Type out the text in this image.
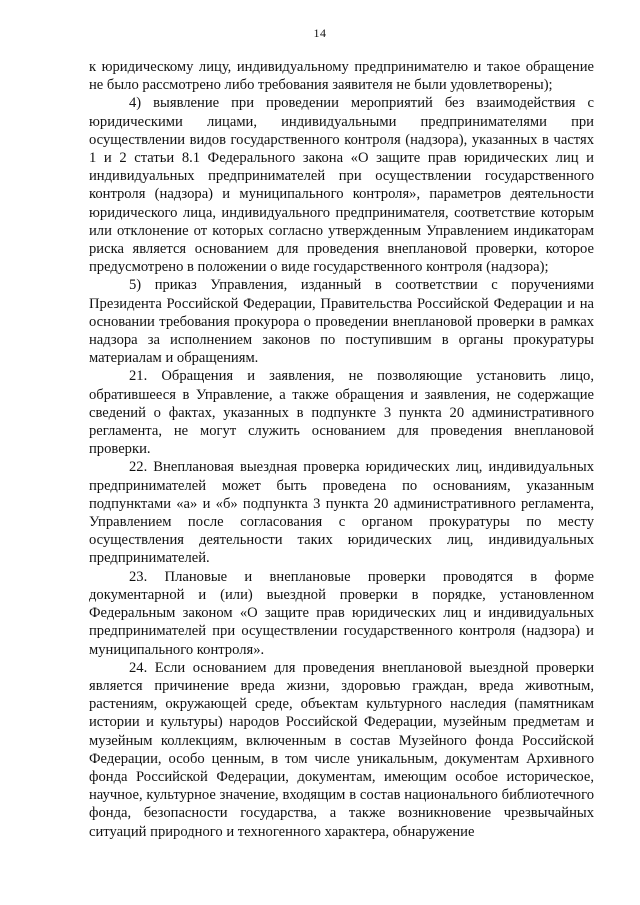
14

к юридическому лицу, индивидуальному предпринимателю и такое обращение не было рассмотрено либо требования заявителя не были удовлетворены);

4) выявление при проведении мероприятий без взаимодействия с юридическими лицами, индивидуальными предпринимателями при осуществлении видов государственного контроля (надзора), указанных в частях 1 и 2 статьи 8.1 Федерального закона «О защите прав юридических лиц и индивидуальных предпринимателей при осуществлении государственного контроля (надзора) и муниципального контроля», параметров деятельности юридического лица, индивидуального предпринимателя, соответствие которым или отклонение от которых согласно утвержденным Управлением индикаторам риска является основанием для проведения внеплановой проверки, которое предусмотрено в положении о виде государственного контроля (надзора);

5) приказ Управления, изданный в соответствии с поручениями Президента Российской Федерации, Правительства Российской Федерации и на основании требования прокурора о проведении внеплановой проверки в рамках надзора за исполнением законов по поступившим в органы прокуратуры материалам и обращениям.

21. Обращения и заявления, не позволяющие установить лицо, обратившееся в Управление, а также обращения и заявления, не содержащие сведений о фактах, указанных в подпункте 3 пункта 20 административного регламента, не могут служить основанием для проведения внеплановой проверки.

22. Внеплановая выездная проверка юридических лиц, индивидуальных предпринимателей может быть проведена по основаниям, указанным подпунктами «а» и «б» подпункта 3 пункта 20 административного регламента, Управлением после согласования с органом прокуратуры по месту осуществления деятельности таких юридических лиц, индивидуальных предпринимателей.

23. Плановые и внеплановые проверки проводятся в форме документарной и (или) выездной проверки в порядке, установленном Федеральным законом «О защите прав юридических лиц и индивидуальных предпринимателей при осуществлении государственного контроля (надзора) и муниципального контроля».

24. Если основанием для проведения внеплановой выездной проверки является причинение вреда жизни, здоровью граждан, вреда животным, растениям, окружающей среде, объектам культурного наследия (памятникам истории и культуры) народов Российской Федерации, музейным предметам и музейным коллекциям, включенным в состав Музейного фонда Российской Федерации, особо ценным, в том числе уникальным, документам Архивного фонда Российской Федерации, документам, имеющим особое историческое, научное, культурное значение, входящим в состав национального библиотечного фонда, безопасности государства, а также возникновение чрезвычайных ситуаций природного и техногенного характера, обнаружение
